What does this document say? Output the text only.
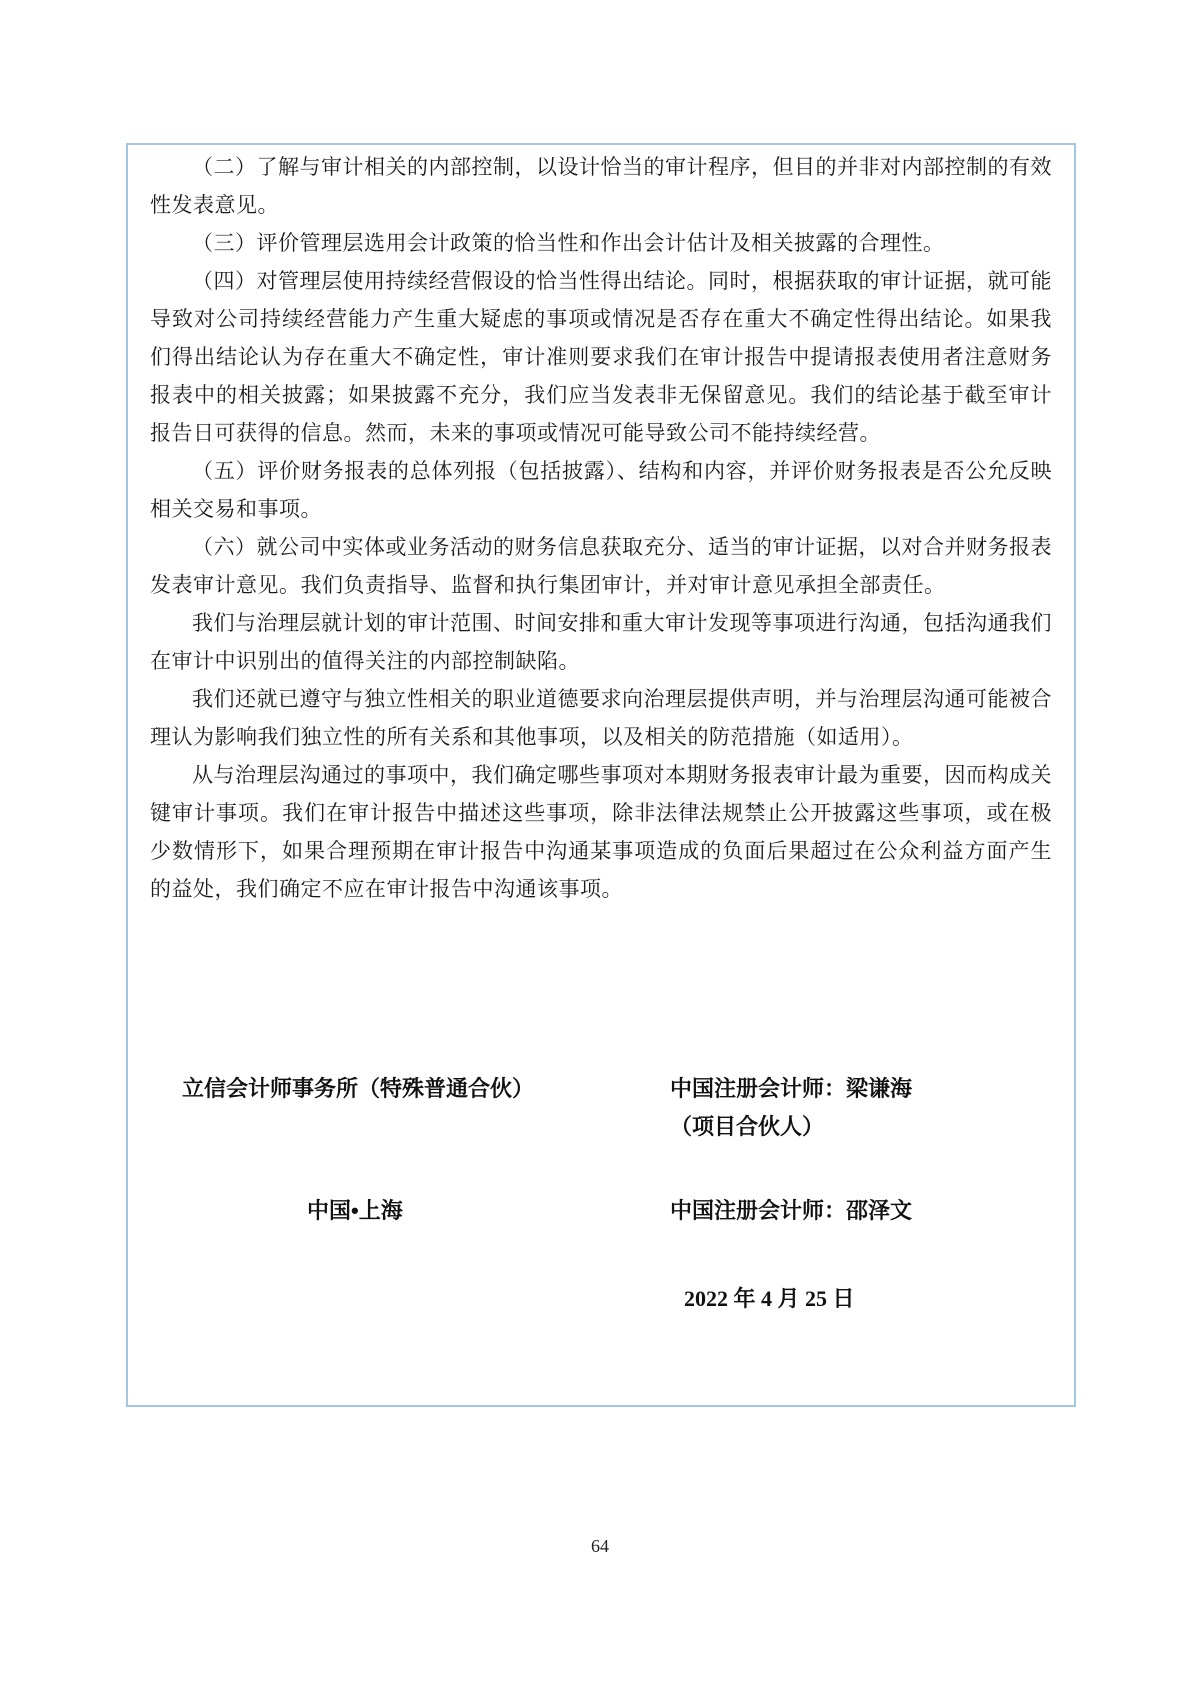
（二）了解与审计相关的内部控制，以设计恰当的审计程序，但目的并非对内部控制的有效性发表意见。

（三）评价管理层选用会计政策的恰当性和作出会计估计及相关披露的合理性。

（四）对管理层使用持续经营假设的恰当性得出结论。同时，根据获取的审计证据，就可能导致对公司持续经营能力产生重大疑虑的事项或情况是否存在重大不确定性得出结论。如果我们得出结论认为存在重大不确定性，审计准则要求我们在审计报告中提请报表使用者注意财务报表中的相关披露；如果披露不充分，我们应当发表非无保留意见。我们的结论基于截至审计报告日可获得的信息。然而，未来的事项或情况可能导致公司不能持续经营。

（五）评价财务报表的总体列报（包括披露）、结构和内容，并评价财务报表是否公允反映相关交易和事项。

（六）就公司中实体或业务活动的财务信息获取充分、适当的审计证据，以对合并财务报表发表审计意见。我们负责指导、监督和执行集团审计，并对审计意见承担全部责任。

我们与治理层就计划的审计范围、时间安排和重大审计发现等事项进行沟通，包括沟通我们在审计中识别出的值得关注的内部控制缺陷。

我们还就已遵守与独立性相关的职业道德要求向治理层提供声明，并与治理层沟通可能被合理认为影响我们独立性的所有关系和其他事项，以及相关的防范措施（如适用）。

从与治理层沟通过的事项中，我们确定哪些事项对本期财务报表审计最为重要，因而构成关键审计事项。我们在审计报告中描述这些事项，除非法律法规禁止公开披露这些事项，或在极少数情形下，如果合理预期在审计报告中沟通某事项造成的负面后果超过在公众利益方面产生的益处，我们确定不应在审计报告中沟通该事项。

立信会计师事务所（特殊普通合伙）	中国注册会计师：梁谦海
（项目合伙人）
中国•上海	中国注册会计师：邵泽文
2022 年 4 月 25 日
64
